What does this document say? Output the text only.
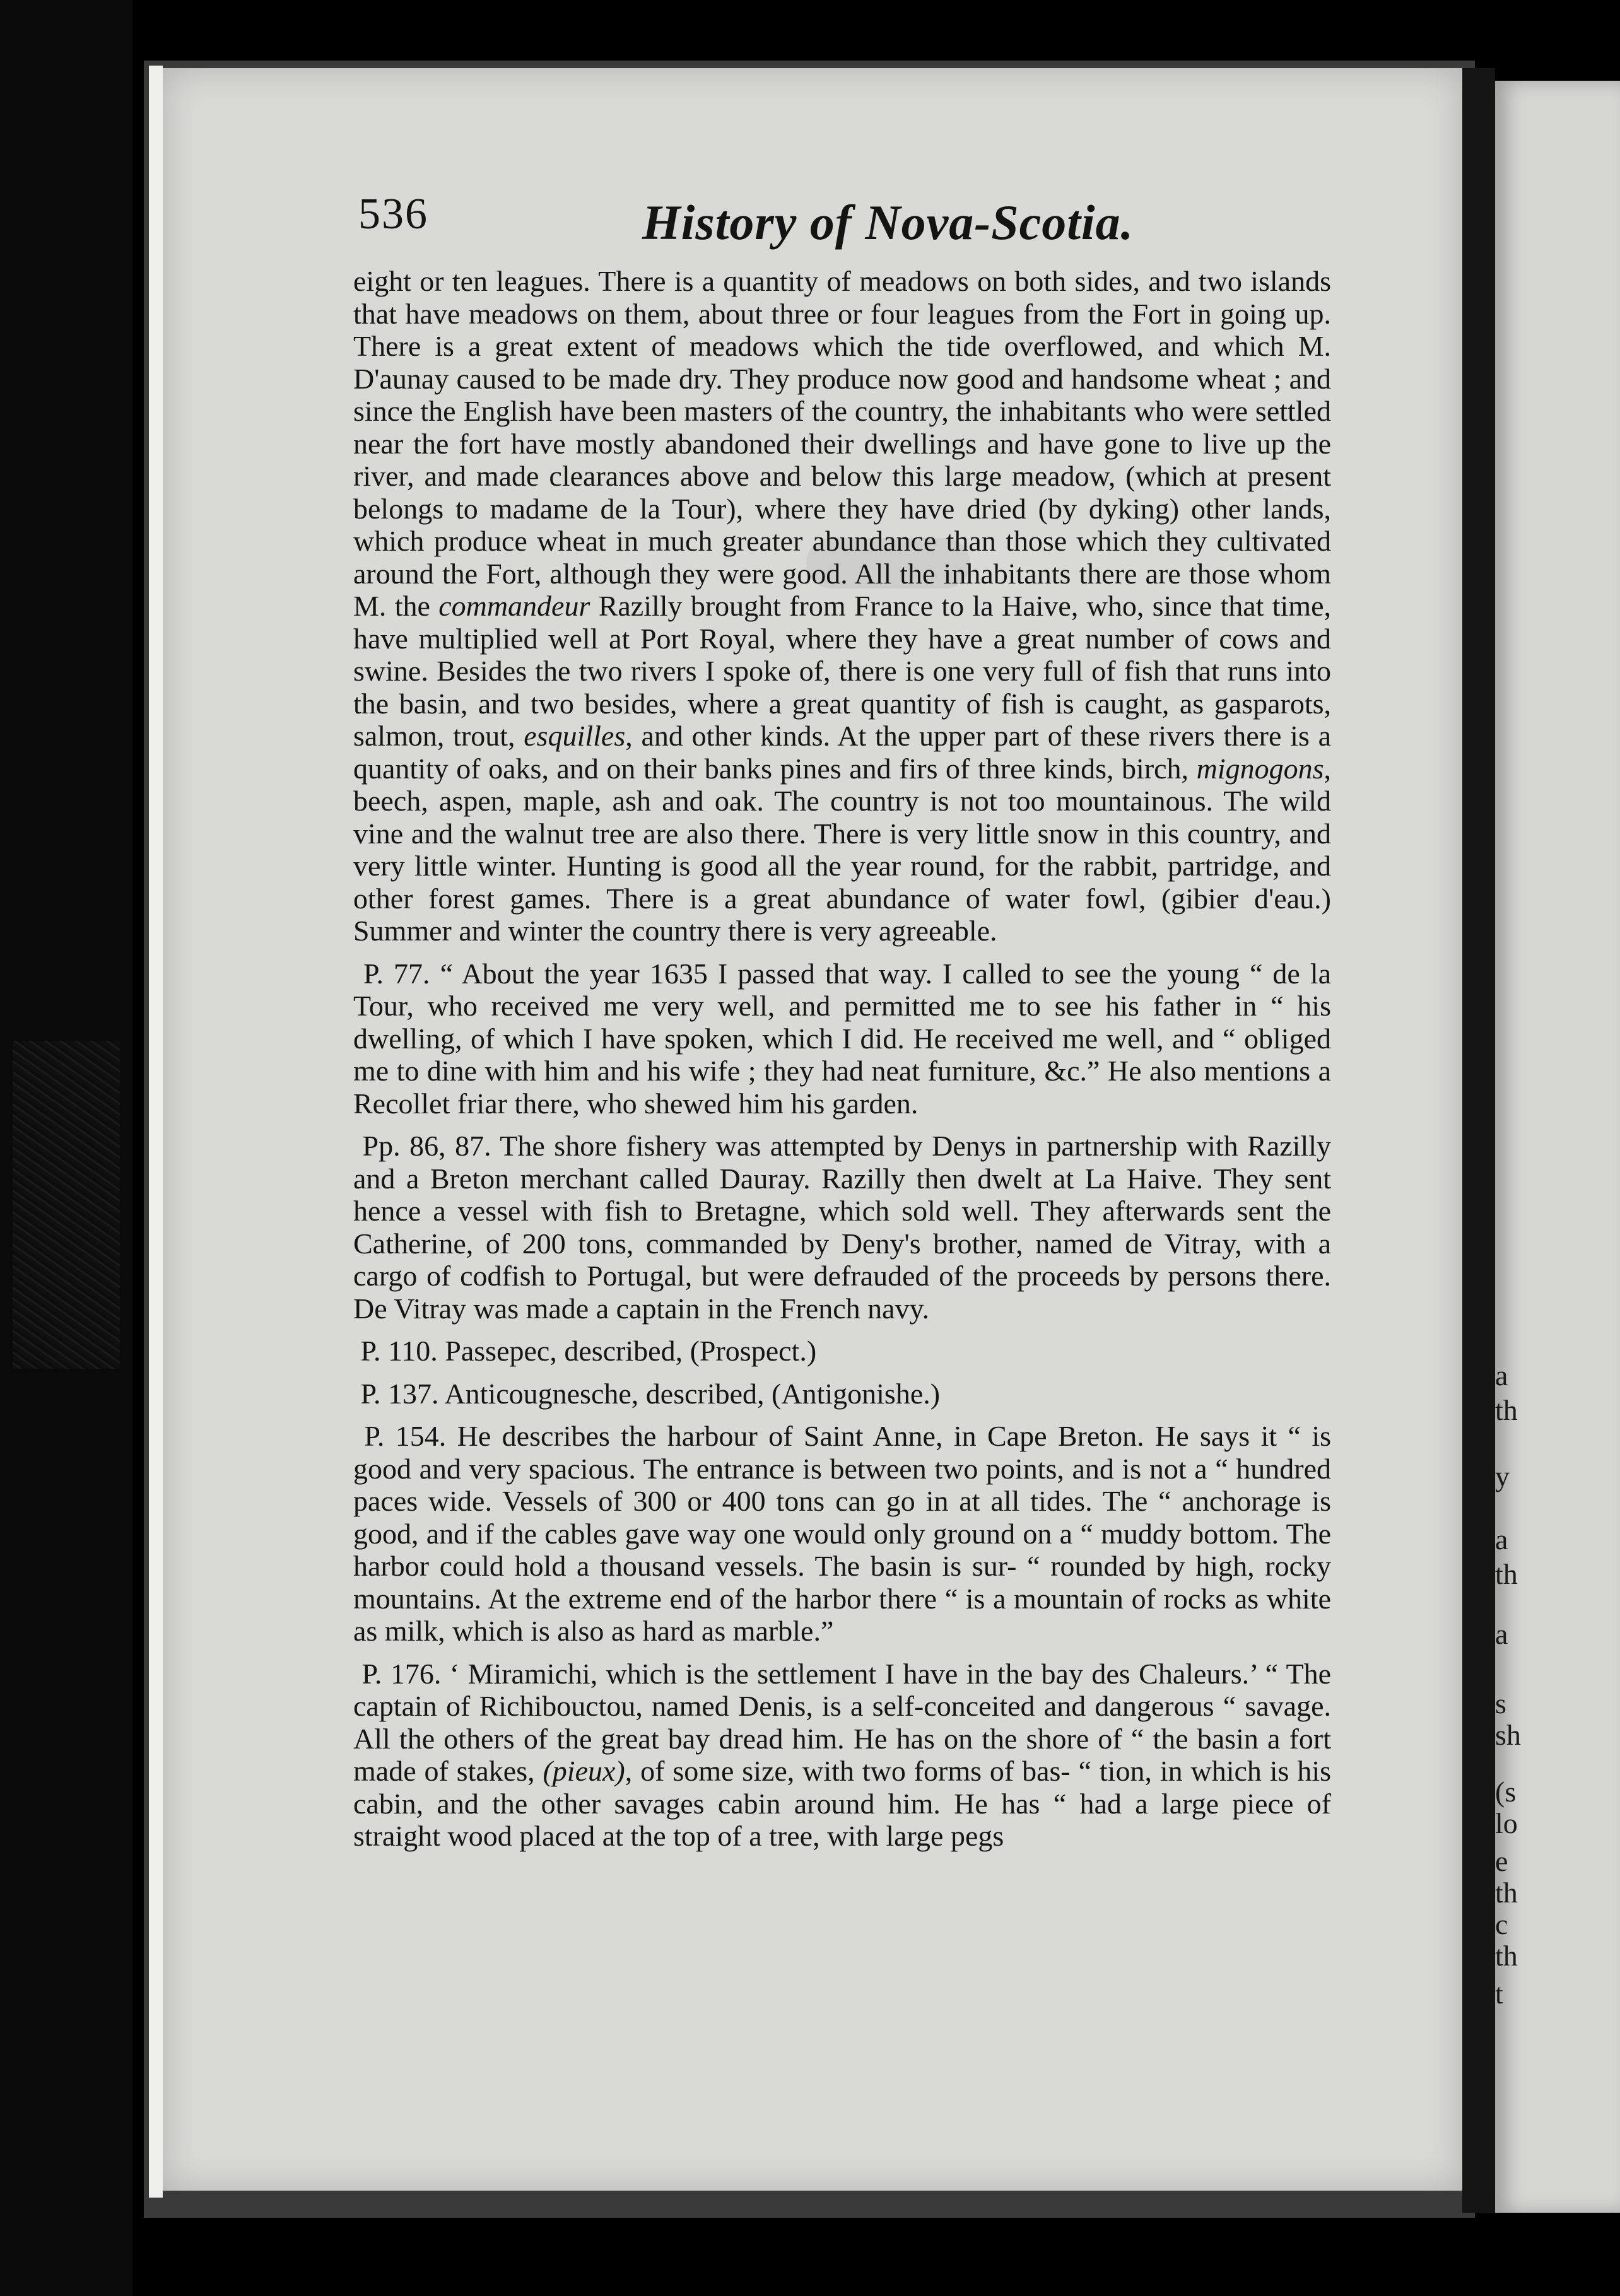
a
th
y
a
th
a
s
sh
(s
lo
e
th
c
th
t
536	History of Nova-Scotia.

eight or ten leagues. There is a quantity of meadows on both sides, and two islands that have meadows on them, about three or four leagues from the Fort in going up. There is a great extent of meadows which the tide overflowed, and which M. D'aunay caused to be made dry. They produce now good and handsome wheat ; and since the English have been masters of the country, the inhabitants who were settled near the fort have mostly abandoned their dwellings and have gone to live up the river, and made clearances above and below this large meadow, (which at present belongs to madame de la Tour), where they have dried (by dyking) other lands, which produce wheat in much greater abundance than those which they cultivated around the Fort, although they were good. All the inhabitants there are those whom M. the commandeur Razilly brought from France to la Haive, who, since that time, have multiplied well at Port Royal, where they have a great number of cows and swine. Besides the two rivers I spoke of, there is one very full of fish that runs into the basin, and two besides, where a great quantity of fish is caught, as gasparots, salmon, trout, esquilles, and other kinds. At the upper part of these rivers there is a quantity of oaks, and on their banks pines and firs of three kinds, birch, mignogons, beech, aspen, maple, ash and oak. The country is not too mountainous. The wild vine and the walnut tree are also there. There is very little snow in this country, and very little winter. Hunting is good all the year round, for the rabbit, partridge, and other forest games. There is a great abundance of water fowl, (gibier d'eau.) Summer and winter the country there is very agreeable.

P. 77. “ About the year 1635 I passed that way. I called to see the young “ de la Tour, who received me very well, and permitted me to see his father in “ his dwelling, of which I have spoken, which I did. He received me well, and “ obliged me to dine with him and his wife ; they had neat furniture, &c.” He also mentions a Recollet friar there, who shewed him his garden.

Pp. 86, 87. The shore fishery was attempted by Denys in partnership with Razilly and a Breton merchant called Dauray. Razilly then dwelt at La Haive. They sent hence a vessel with fish to Bretagne, which sold well. They afterwards sent the Catherine, of 200 tons, commanded by Deny's brother, named de Vitray, with a cargo of codfish to Portugal, but were defrauded of the proceeds by persons there. De Vitray was made a captain in the French navy.

P. 110. Passepec, described, (Prospect.)

P. 137. Anticougnesche, described, (Antigonishe.)

P. 154. He describes the harbour of Saint Anne, in Cape Breton. He says it “ is good and very spacious. The entrance is between two points, and is not a “ hundred paces wide. Vessels of 300 or 400 tons can go in at all tides. The “ anchorage is good, and if the cables gave way one would only ground on a “ muddy bottom. The harbor could hold a thousand vessels. The basin is sur- “ rounded by high, rocky mountains. At the extreme end of the harbor there “ is a mountain of rocks as white as milk, which is also as hard as marble.”

P. 176. ‘ Miramichi, which is the settlement I have in the bay des Chaleurs.’ “ The captain of Richibouctou, named Denis, is a self-conceited and dangerous “ savage. All the others of the great bay dread him. He has on the shore of “ the basin a fort made of stakes, (pieux), of some size, with two forms of bas- “ tion, in which is his cabin, and the other savages cabin around him. He has “ had a large piece of straight wood placed at the top of a tree, with large pegs
